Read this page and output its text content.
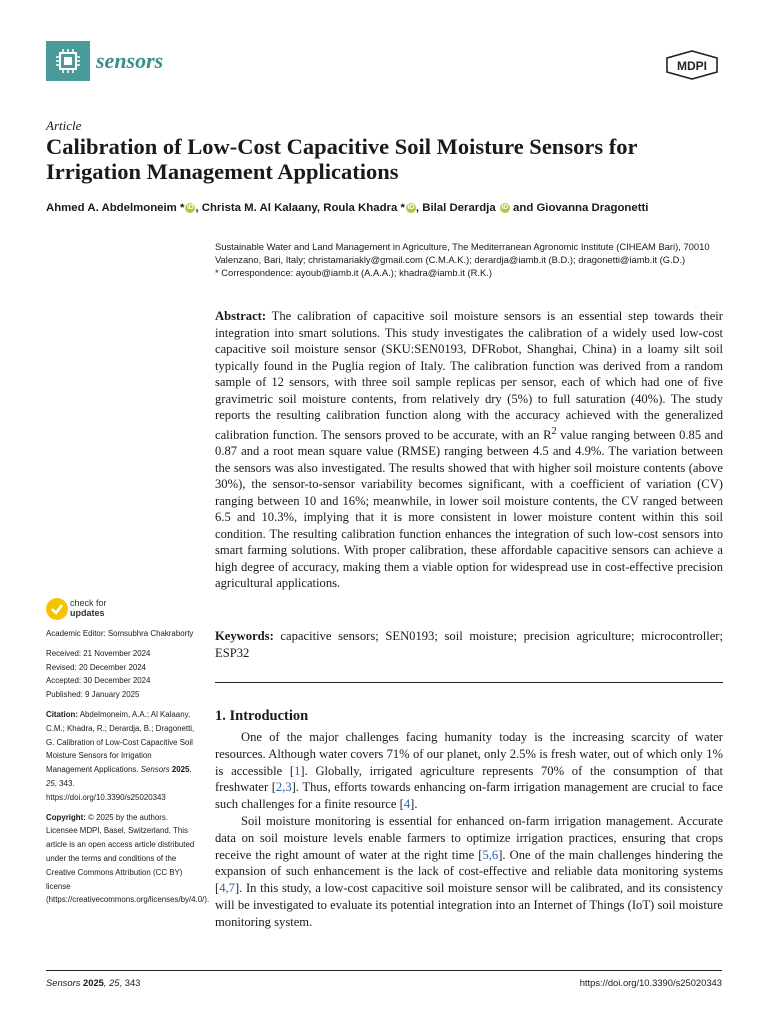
sensors	MDPI
Article
Calibration of Low-Cost Capacitive Soil Moisture Sensors for Irrigation Management Applications
Ahmed A. Abdelmoneim * iD , Christa M. Al Kalaany, Roula Khadra * iD , Bilal Derardja iD and Giovanna Dragonetti

Sustainable Water and Land Management in Agriculture, The Mediterranean Agronomic Institute (CIHEAM Bari), 70010 Valenzano, Bari, Italy; christamariakly@gmail.com (C.M.A.K.); derardja@iamb.it (B.D.); dragonetti@iamb.it (G.D.)

* Correspondence: ayoub@iamb.it (A.A.A.); khadra@iamb.it (R.K.)

Abstract: The calibration of capacitive soil moisture sensors is an essential step towards their integration into smart solutions. This study investigates the calibration of a widely used low-cost capacitive soil moisture sensor (SKU:SEN0193, DFRobot, Shanghai, China) in a loamy silt soil typically found in the Puglia region of Italy. The calibration function was derived from a random sample of 12 sensors, with three soil sample replicas per sensor, each of which had one of five gravimetric soil moisture contents, from relatively dry (5%) to full saturation (40%). The study reports the resulting calibration function along with the accuracy achieved with the generalized calibration function. The sensors proved to be accurate, with an $R^2$ value ranging between 0.85 and 0.87 and a root mean square value (RMSE) ranging between 4.5 and 4.9%. The variation between the sensors was also investigated. The results showed that with higher soil moisture contents (above 30%), the sensor-to-sensor variability becomes significant, with a coefficient of variation (CV) ranging between 10 and 16%; meanwhile, in lower soil moisture contents, the CV ranged between 6.5 and 10.3%, implying that it is more consistent in lower moisture content within this soil condition. The resulting calibration function enhances the integration of such low-cost sensors into smart farming solutions. With proper calibration, these affordable capacitive sensors can achieve a high degree of accuracy, making them a viable option for widespread use in cost-effective precision agricultural applications.

Keywords: capacitive sensors; SEN0193; soil moisture; precision agriculture; microcontroller; ESP32

check for
updates

Academic Editor: Somsubhra Chakraborty

Received: 21 November 2024

Revised: 20 December 2024

Accepted: 30 December 2024

Published: 9 January 2025

Citation: Abdelmoneim, A.A.; Al Kalaany, C.M.; Khadra, R.; Derardja, B.; Dragonetti, G. Calibration of Low-Cost Capacitive Soil Moisture Sensors for Irrigation Management Applications. Sensors 2025, 25, 343. https://doi.org/10.3390/s25020343

Copyright: © 2025 by the authors. Licensee MDPI, Basel, Switzerland. This article is an open access article distributed under the terms and conditions of the Creative Commons Attribution (CC BY) license (https://creativecommons.org/licenses/by/4.0/).

1. Introduction

One of the major challenges facing humanity today is the increasing scarcity of water resources. Although water covers 71% of our planet, only 2.5% is fresh water, out of which only 1% is accessible [1]. Globally, irrigated agriculture represents 70% of the consumption of that freshwater [2,3]. Thus, efforts towards enhancing on-farm irrigation management are crucial to face such challenges for a finite resource [4].

Soil moisture monitoring is essential for enhanced on-farm irrigation management. Accurate data on soil moisture levels enable farmers to optimize irrigation practices, ensuring that crops receive the right amount of water at the right time [5,6]. One of the main challenges hindering the expansion of such enhancement is the lack of cost-effective and reliable data monitoring systems [4,7]. In this study, a low-cost capacitive soil moisture sensor will be calibrated, and its consistency will be investigated to evaluate its potential integration into an Internet of Things (IoT) soil moisture monitoring system.

Sensors 2025, 25, 343	https://doi.org/10.3390/s25020343
